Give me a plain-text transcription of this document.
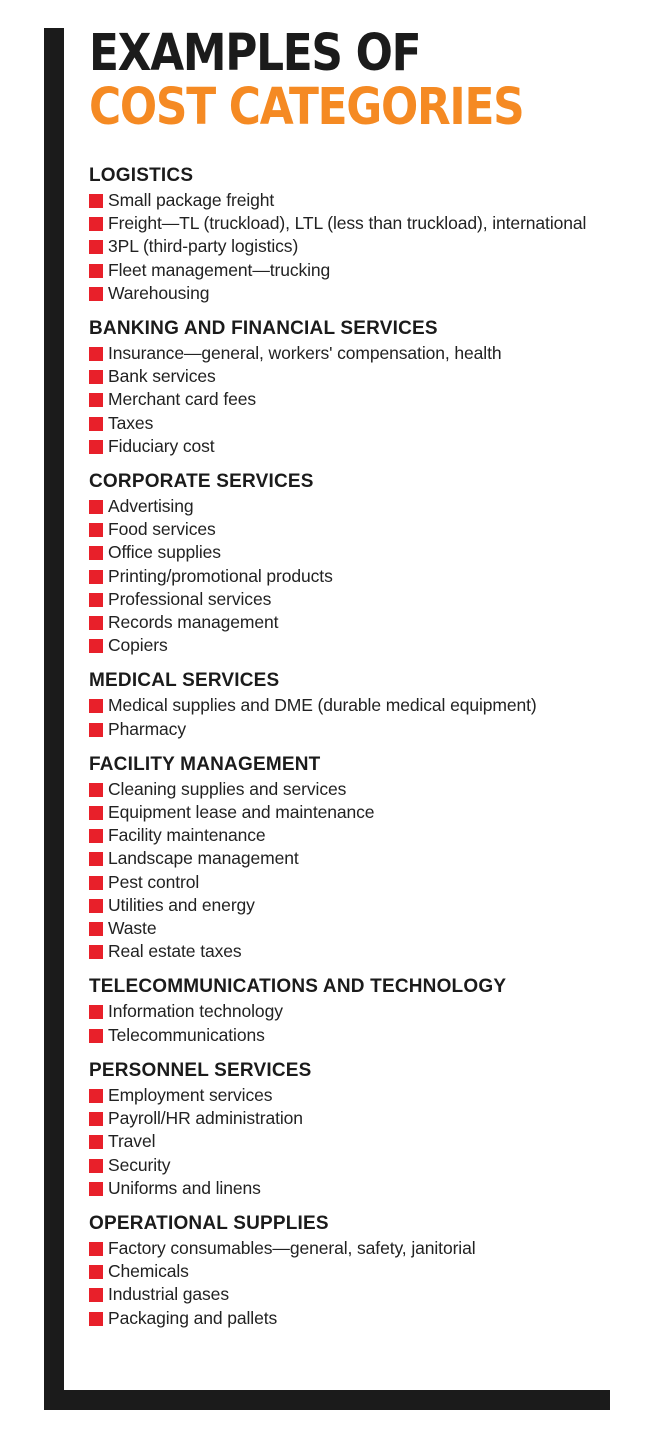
EXAMPLES OF
COST CATEGORIES
LOGISTICS
Small package freight
Freight—TL (truckload), LTL (less than truckload), international
3PL (third-party logistics)
Fleet management—trucking
Warehousing
BANKING AND FINANCIAL SERVICES
Insurance—general, workers' compensation, health
Bank services
Merchant card fees
Taxes
Fiduciary cost
CORPORATE SERVICES
Advertising
Food services
Office supplies
Printing/promotional products
Professional services
Records management
Copiers
MEDICAL SERVICES
Medical supplies and DME (durable medical equipment)
Pharmacy
FACILITY MANAGEMENT
Cleaning supplies and services
Equipment lease and maintenance
Facility maintenance
Landscape management
Pest control
Utilities and energy
Waste
Real estate taxes
TELECOMMUNICATIONS AND TECHNOLOGY
Information technology
Telecommunications
PERSONNEL SERVICES
Employment services
Payroll/HR administration
Travel
Security
Uniforms and linens
OPERATIONAL SUPPLIES
Factory consumables—general, safety, janitorial
Chemicals
Industrial gases
Packaging and pallets
